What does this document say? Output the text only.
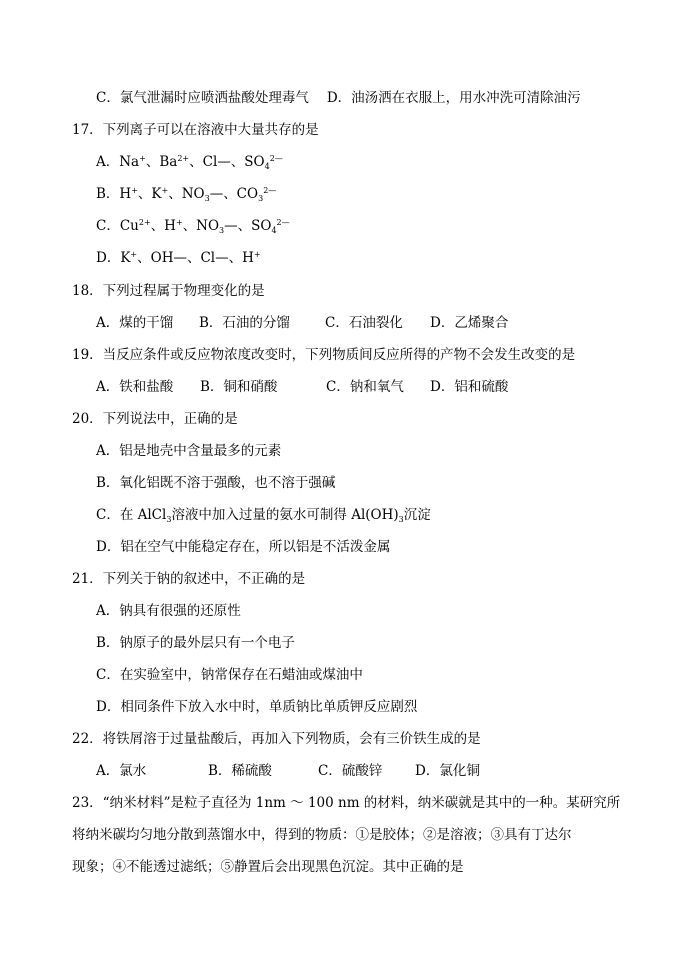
C．氯气泄漏时应喷洒盐酸处理毒气 D．油汤洒在衣服上，用水冲洗可清除油污
17．下列离子可以在溶液中大量共存的是
A．Na+、$Ba^{2+}$、Cl—、$SO_4^{2—}$
B．H+、K+、$NO_3—$、$CO_3^{2—}$
C．$Cu^{2+}$、H+、$NO_3—$、$SO_4^{2—}$
D．K+、OH—、Cl—、H+
18．下列过程属于物理变化的是
A．煤的干馏 B．石油的分馏	C．石油裂化 D．乙烯聚合
19．当反应条件或反应物浓度改变时，下列物质间反应所得的产物不会发生改变的是
A．铁和盐酸 B．铜和硝酸	C．钠和氧气 D．铝和硫酸
20．下列说法中，正确的是
A．铝是地壳中含量最多的元素
B．氧化铝既不溶于强酸，也不溶于强碱
C．在 AlCl$_3$溶液中加入过量的氨水可制得 $Al(OH)_3$沉淀
D．铝在空气中能稳定存在，所以铝是不活泼金属
21．下列关于钠的叙述中，不正确的是
A．钠具有很强的还原性
B．钠原子的最外层只有一个电子
C．在实验室中，钠常保存在石蜡油或煤油中
D．相同条件下放入水中时，单质钠比单质钾反应剧烈
22．将铁屑溶于过量盐酸后，再加入下列物质，会有三价铁生成的是
A．氯水	B．稀硫酸	C．硫酸锌 D．氯化铜
23．“纳米材料”是粒子直径为 1nm ～ 100 nm 的材料，纳米碳就是其中的一种。某研究所
将纳米碳均匀地分散到蒸馏水中，得到的物质：①是胶体；②是溶液；③具有丁达尔
现象；④不能透过滤纸；⑤静置后会出现黑色沉淀。其中正确的是
